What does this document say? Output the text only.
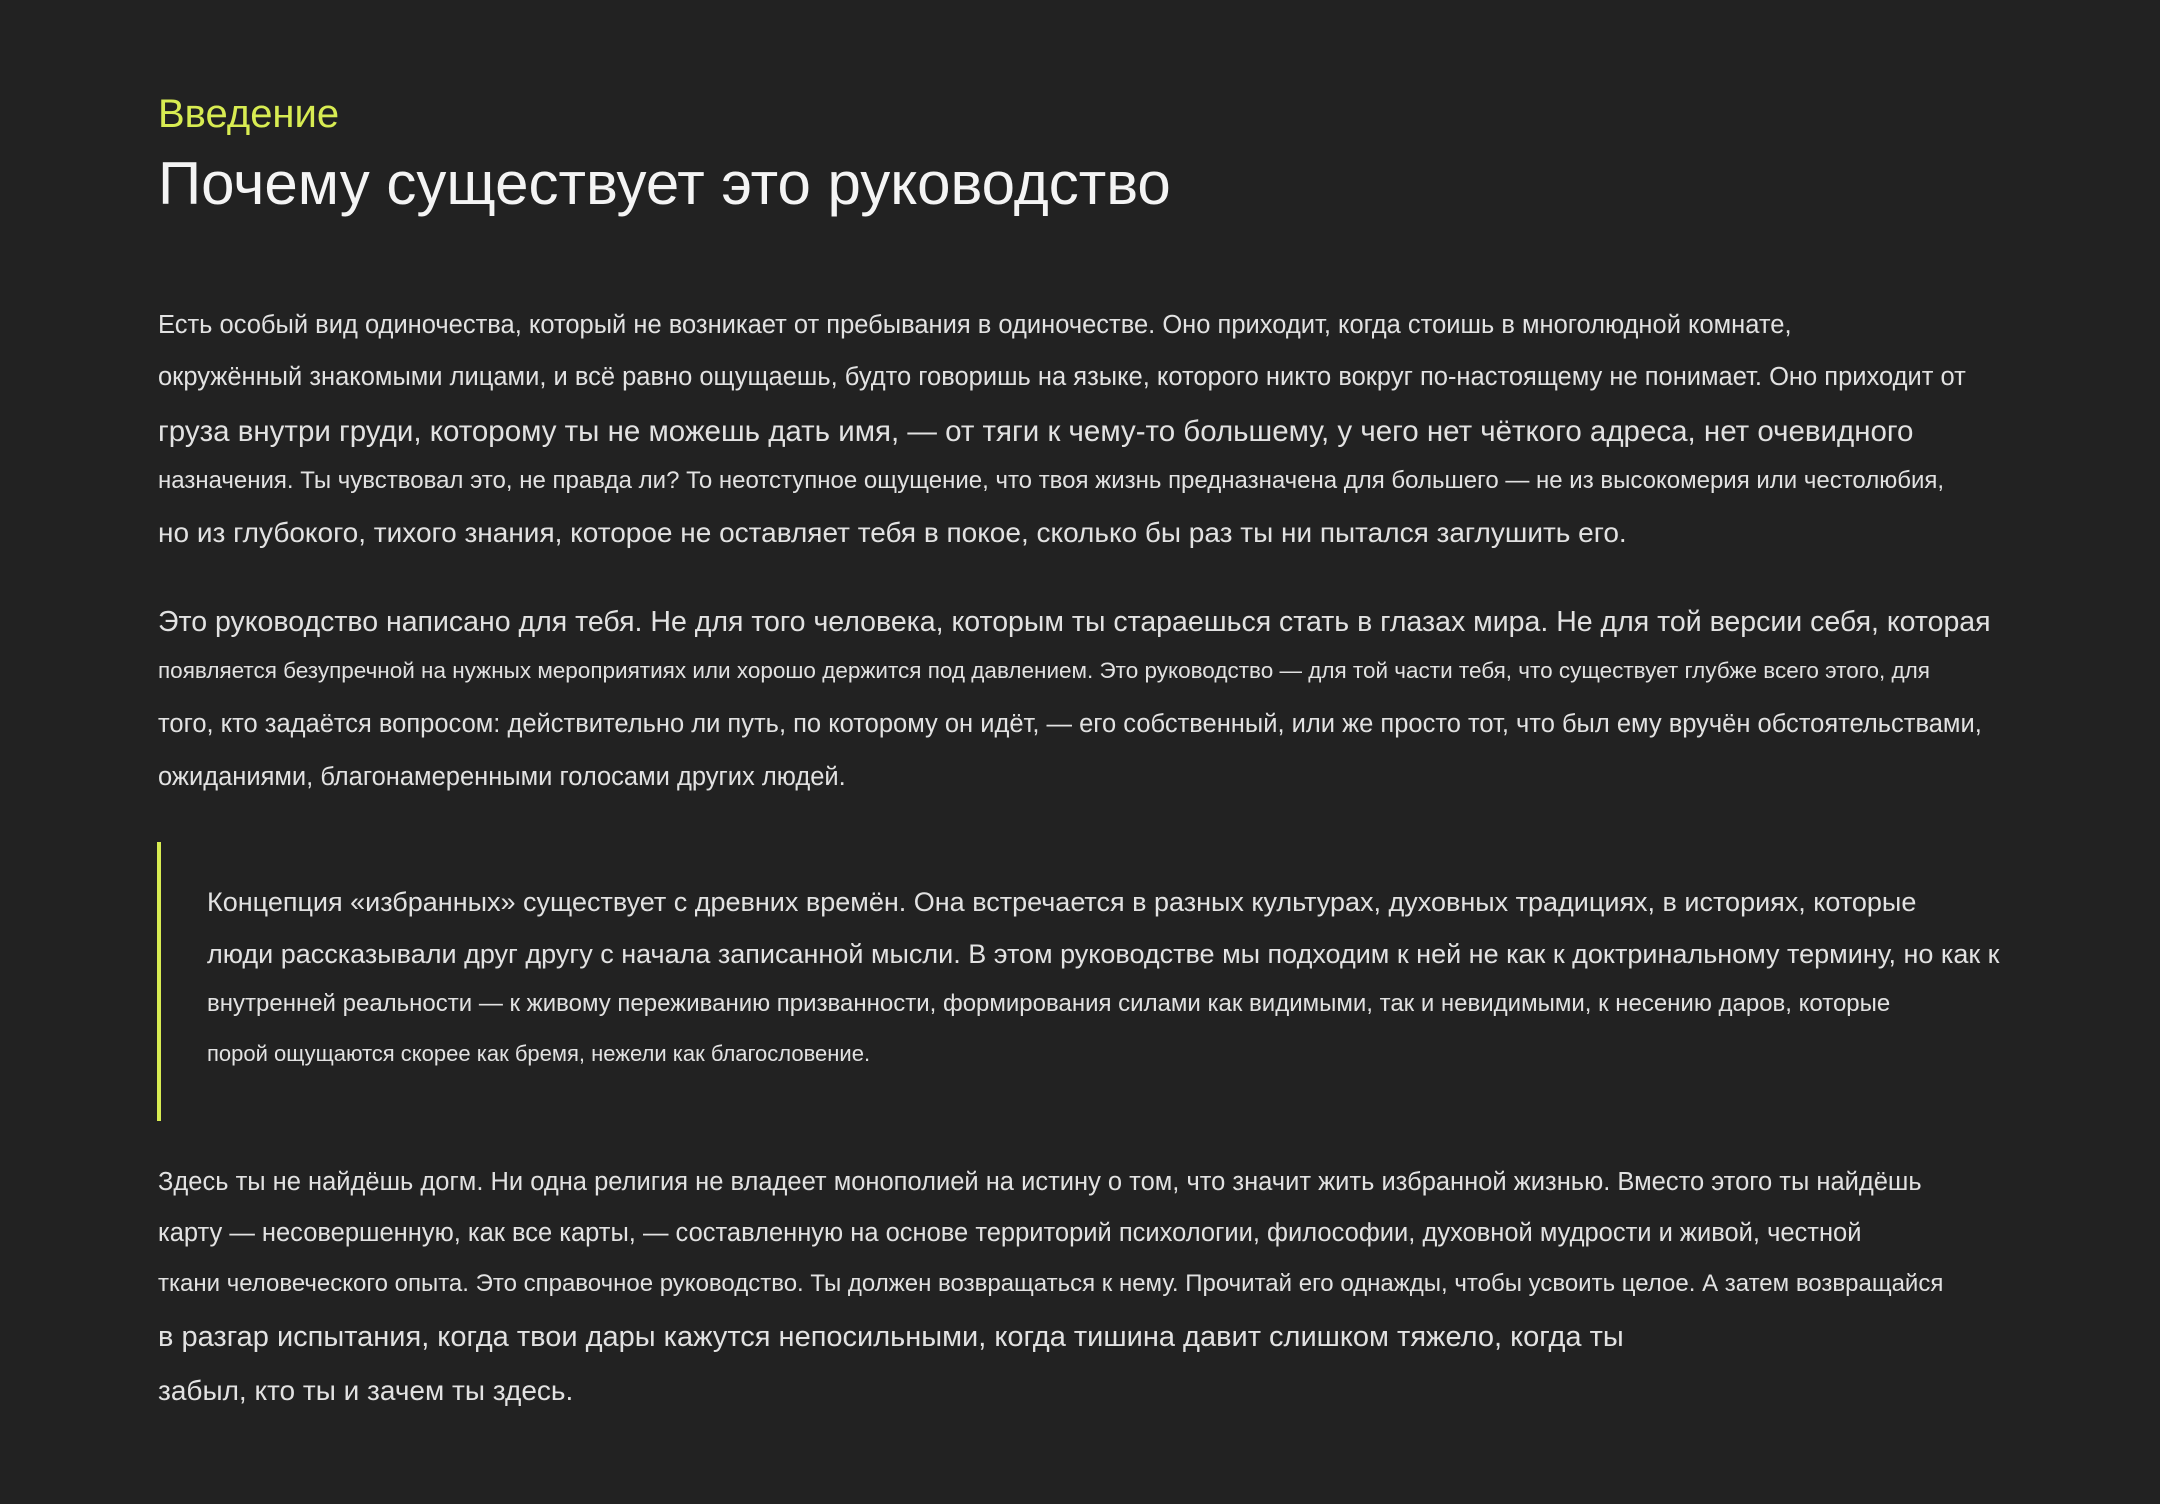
Введение
Почему существует это руководство
Есть особый вид одиночества, который не возникает от пребывания в одиночестве. Оно приходит, когда стоишь в многолюдной комнате,
окружённый знакомыми лицами, и всё равно ощущаешь, будто говоришь на языке, которого никто вокруг по-настоящему не понимает. Оно приходит от
груза внутри груди, которому ты не можешь дать имя, — от тяги к чему-то большему, у чего нет чёткого адреса, нет очевидного
назначения. Ты чувствовал это, не правда ли? То неотступное ощущение, что твоя жизнь предназначена для большего — не из высокомерия или честолюбия,
но из глубокого, тихого знания, которое не оставляет тебя в покое, сколько бы раз ты ни пытался заглушить его.
Это руководство написано для тебя. Не для того человека, которым ты стараешься стать в глазах мира. Не для той версии себя, которая
появляется безупречной на нужных мероприятиях или хорошо держится под давлением. Это руководство — для той части тебя, что существует глубже всего этого, для
того, кто задаётся вопросом: действительно ли путь, по которому он идёт, — его собственный, или же просто тот, что был ему вручён обстоятельствами,
ожиданиями, благонамеренными голосами других людей.
Концепция «избранных» существует с древних времён. Она встречается в разных культурах, духовных традициях, в историях, которые
люди рассказывали друг другу с начала записанной мысли. В этом руководстве мы подходим к ней не как к доктринальному термину, но как к
внутренней реальности — к живому переживанию призванности, формирования силами как видимыми, так и невидимыми, к несению даров, которые
порой ощущаются скорее как бремя, нежели как благословение.
Здесь ты не найдёшь догм. Ни одна религия не владеет монополией на истину о том, что значит жить избранной жизнью. Вместо этого ты найдёшь
карту — несовершенную, как все карты, — составленную на основе территорий психологии, философии, духовной мудрости и живой, честной
ткани человеческого опыта. Это справочное руководство. Ты должен возвращаться к нему. Прочитай его однажды, чтобы усвоить целое. А затем возвращайся
в разгар испытания, когда твои дары кажутся непосильными, когда тишина давит слишком тяжело, когда ты
забыл, кто ты и зачем ты здесь.
